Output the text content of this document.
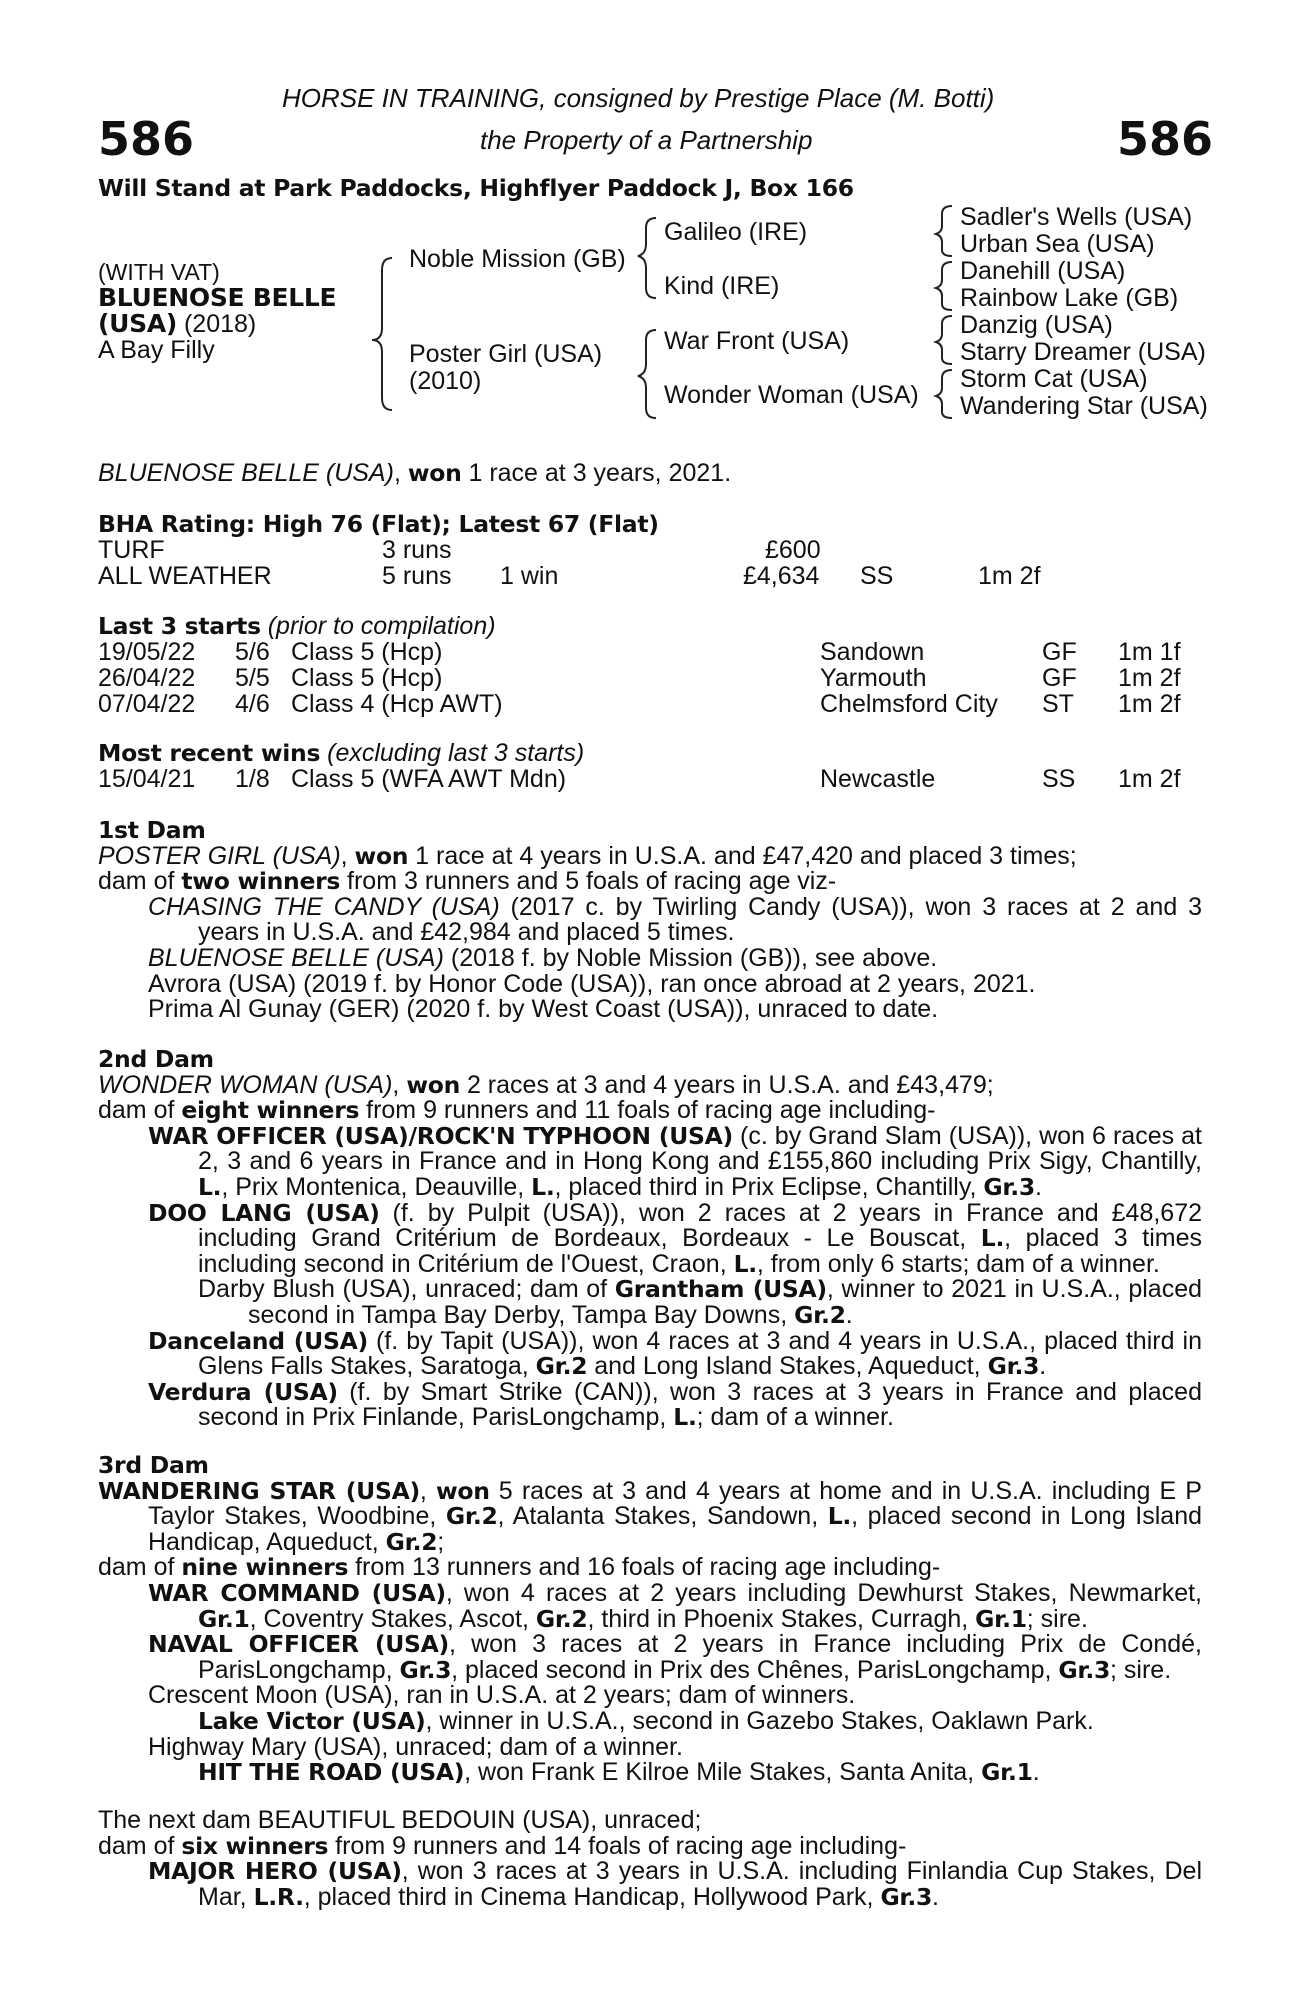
586	586
HORSE IN TRAINING, consigned by Prestige Place (M. Botti)
the Property of a Partnership
Will Stand at Park Paddocks, Highflyer Paddock J, Box 166
(WITH VAT)
BLUENOSE BELLE
(USA) (2018)
A Bay Filly
Noble Mission (GB)
Poster Girl (USA)
(2010)
Galileo (IRE)
Kind (IRE)
War Front (USA)
Wonder Woman (USA)
Sadler's Wells (USA)
Urban Sea (USA)
Danehill (USA)
Rainbow Lake (GB)
Danzig (USA)
Starry Dreamer (USA)
Storm Cat (USA)
Wandering Star (USA)
BLUENOSE BELLE (USA), won 1 race at 3 years, 2021.
BHA Rating: High 76 (Flat); Latest 67 (Flat)
TURF	3 runs	£600
ALL WEATHER	5 runs 1 win	£4,634 SS	1m 2f
Last 3 starts (prior to compilation)
19/05/22 5/6 Class 5 (Hcp)	Sandown	GF 1m 1f
26/04/22 5/5 Class 5 (Hcp)	Yarmouth	GF 1m 2f
07/04/22 4/6 Class 4 (Hcp AWT)	Chelmsford City ST 1m 2f
Most recent wins (excluding last 3 starts)
15/04/21 1/8 Class 5 (WFA AWT Mdn)	Newcastle	SS 1m 2f

1st Dam

POSTER GIRL (USA), won 1 race at 4 years in U.S.A. and £47,420 and placed 3 times;

dam of two winners from 3 runners and 5 foals of racing age viz-

CHASING THE CANDY (USA) (2017 c. by Twirling Candy (USA)), won 3 races at 2 and 3 years in U.S.A. and £42,984 and placed 5 times.

BLUENOSE BELLE (USA) (2018 f. by Noble Mission (GB)), see above.

Avrora (USA) (2019 f. by Honor Code (USA)), ran once abroad at 2 years, 2021.

Prima Al Gunay (GER) (2020 f. by West Coast (USA)), unraced to date.

2nd Dam

WONDER WOMAN (USA), won 2 races at 3 and 4 years in U.S.A. and £43,479;

dam of eight winners from 9 runners and 11 foals of racing age including-

WAR OFFICER (USA)/ROCK'N TYPHOON (USA) (c. by Grand Slam (USA)), won 6 races at 2, 3 and 6 years in France and in Hong Kong and £155,860 including Prix Sigy, Chantilly, L., Prix Montenica, Deauville, L., placed third in Prix Eclipse, Chantilly, Gr.3.

DOO LANG (USA) (f. by Pulpit (USA)), won 2 races at 2 years in France and £48,672 including Grand Critérium de Bordeaux, Bordeaux - Le Bouscat, L., placed 3 times including second in Critérium de l'Ouest, Craon, L., from only 6 starts; dam of a winner.

Darby Blush (USA), unraced; dam of Grantham (USA), winner to 2021 in U.S.A., placed second in Tampa Bay Derby, Tampa Bay Downs, Gr.2.

Danceland (USA) (f. by Tapit (USA)), won 4 races at 3 and 4 years in U.S.A., placed third in Glens Falls Stakes, Saratoga, Gr.2 and Long Island Stakes, Aqueduct, Gr.3.

Verdura (USA) (f. by Smart Strike (CAN)), won 3 races at 3 years in France and placed second in Prix Finlande, ParisLongchamp, L.; dam of a winner.

3rd Dam

WANDERING STAR (USA), won 5 races at 3 and 4 years at home and in U.S.A. including E P Taylor Stakes, Woodbine, Gr.2, Atalanta Stakes, Sandown, L., placed second in Long Island Handicap, Aqueduct, Gr.2;

dam of nine winners from 13 runners and 16 foals of racing age including-

WAR COMMAND (USA), won 4 races at 2 years including Dewhurst Stakes, Newmarket, Gr.1, Coventry Stakes, Ascot, Gr.2, third in Phoenix Stakes, Curragh, Gr.1; sire.

NAVAL OFFICER (USA), won 3 races at 2 years in France including Prix de Condé, ParisLongchamp, Gr.3, placed second in Prix des Chênes, ParisLongchamp, Gr.3; sire.

Crescent Moon (USA), ran in U.S.A. at 2 years; dam of winners.

Lake Victor (USA), winner in U.S.A., second in Gazebo Stakes, Oaklawn Park.

Highway Mary (USA), unraced; dam of a winner.

HIT THE ROAD (USA), won Frank E Kilroe Mile Stakes, Santa Anita, Gr.1.

The next dam BEAUTIFUL BEDOUIN (USA), unraced;

dam of six winners from 9 runners and 14 foals of racing age including-

MAJOR HERO (USA), won 3 races at 3 years in U.S.A. including Finlandia Cup Stakes, Del Mar, L.R., placed third in Cinema Handicap, Hollywood Park, Gr.3.
